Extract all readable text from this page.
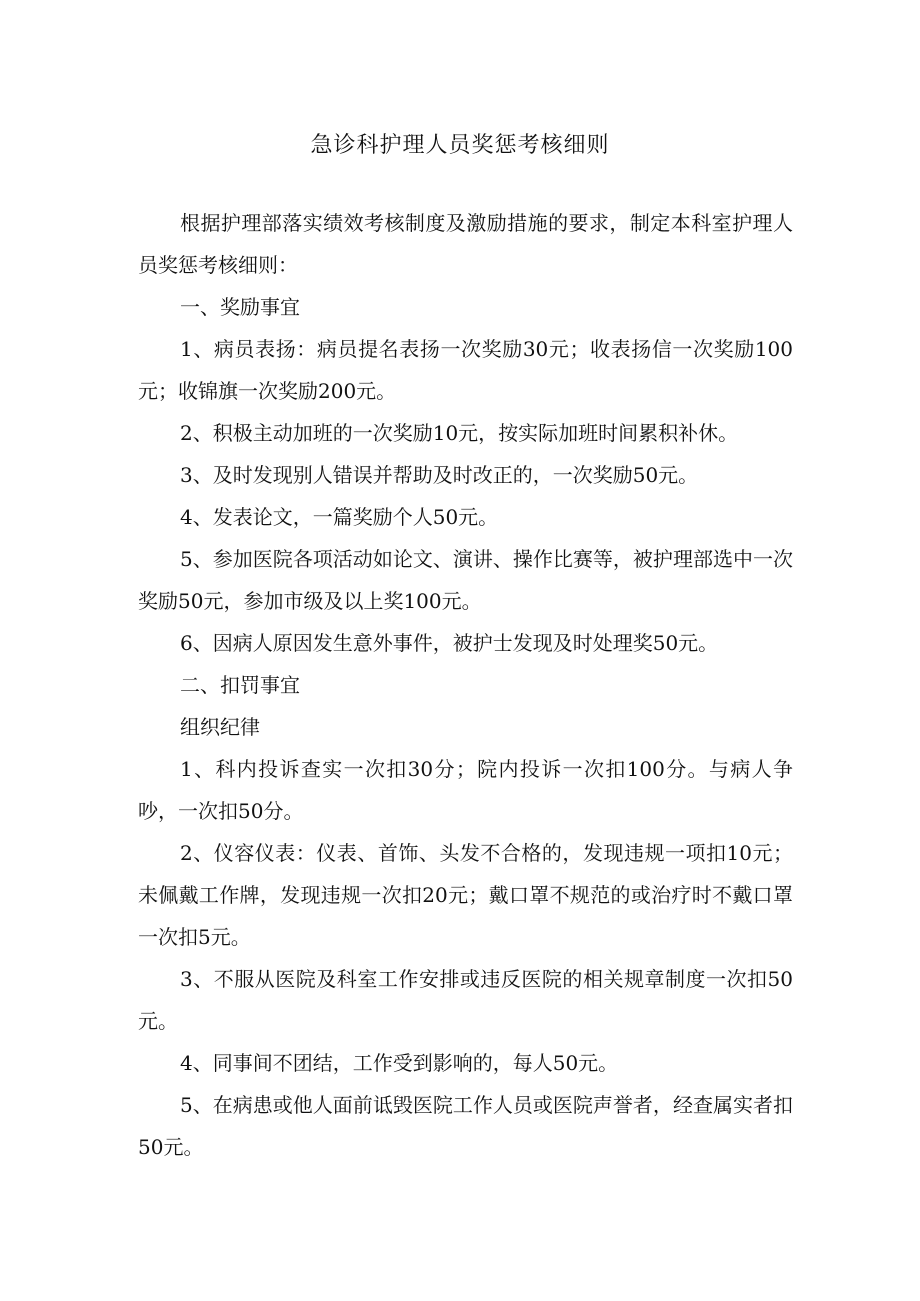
急诊科护理人员奖惩考核细则

根据护理部落实绩效考核制度及激励措施的要求，制定本科室护理人员奖惩考核细则：

一、奖励事宜

1、病员表扬：病员提名表扬一次奖励30元；收表扬信一次奖励100元；收锦旗一次奖励200元。

2、积极主动加班的一次奖励10元，按实际加班时间累积补休。

3、及时发现别人错误并帮助及时改正的，一次奖励50元。

4、发表论文，一篇奖励个人50元。

5、参加医院各项活动如论文、演讲、操作比赛等，被护理部选中一次奖励50元，参加市级及以上奖100元。

6、因病人原因发生意外事件，被护士发现及时处理奖50元。

二、扣罚事宜

组织纪律

1、科内投诉查实一次扣30分；院内投诉一次扣100分。与病人争吵，一次扣50分。

2、仪容仪表：仪表、首饰、头发不合格的，发现违规一项扣10元；未佩戴工作牌，发现违规一次扣20元；戴口罩不规范的或治疗时不戴口罩一次扣5元。

3、不服从医院及科室工作安排或违反医院的相关规章制度一次扣50元。

4、同事间不团结，工作受到影响的，每人50元。

5、在病患或他人面前诋毁医院工作人员或医院声誉者，经查属实者扣50元。
